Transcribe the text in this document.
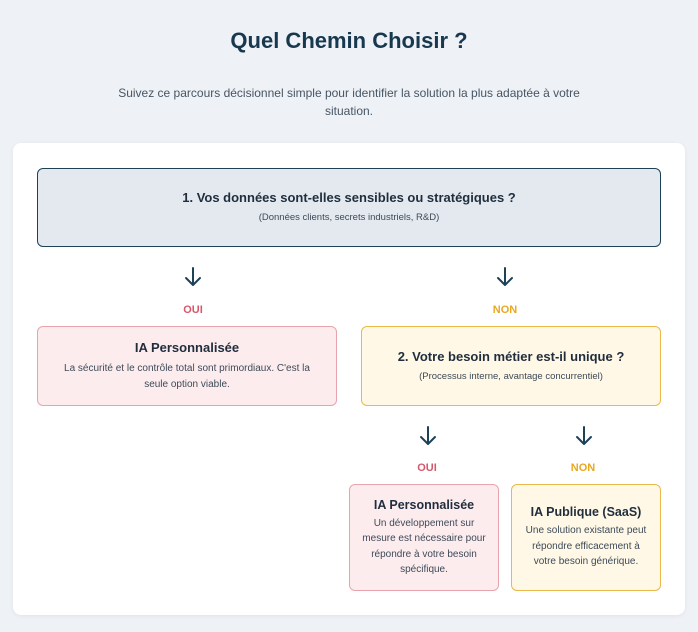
Quel Chemin Choisir ?

Suivez ce parcours décisionnel simple pour identifier la solution la plus adaptée à votre situation.

1. Vos données sont-elles sensibles ou stratégiques ?
(Données clients, secrets industriels, R&D)
OUI	NON
IA Personnalisée
La sécurité et le contrôle total sont primordiaux. C'est la seule option viable.
2. Votre besoin métier est-il unique ?
(Processus interne, avantage concurrentiel)
OUI	NON
IA Personnalisée
Un développement sur mesure est nécessaire pour répondre à votre besoin spécifique.
IA Publique (SaaS)
Une solution existante peut répondre efficacement à votre besoin générique.
